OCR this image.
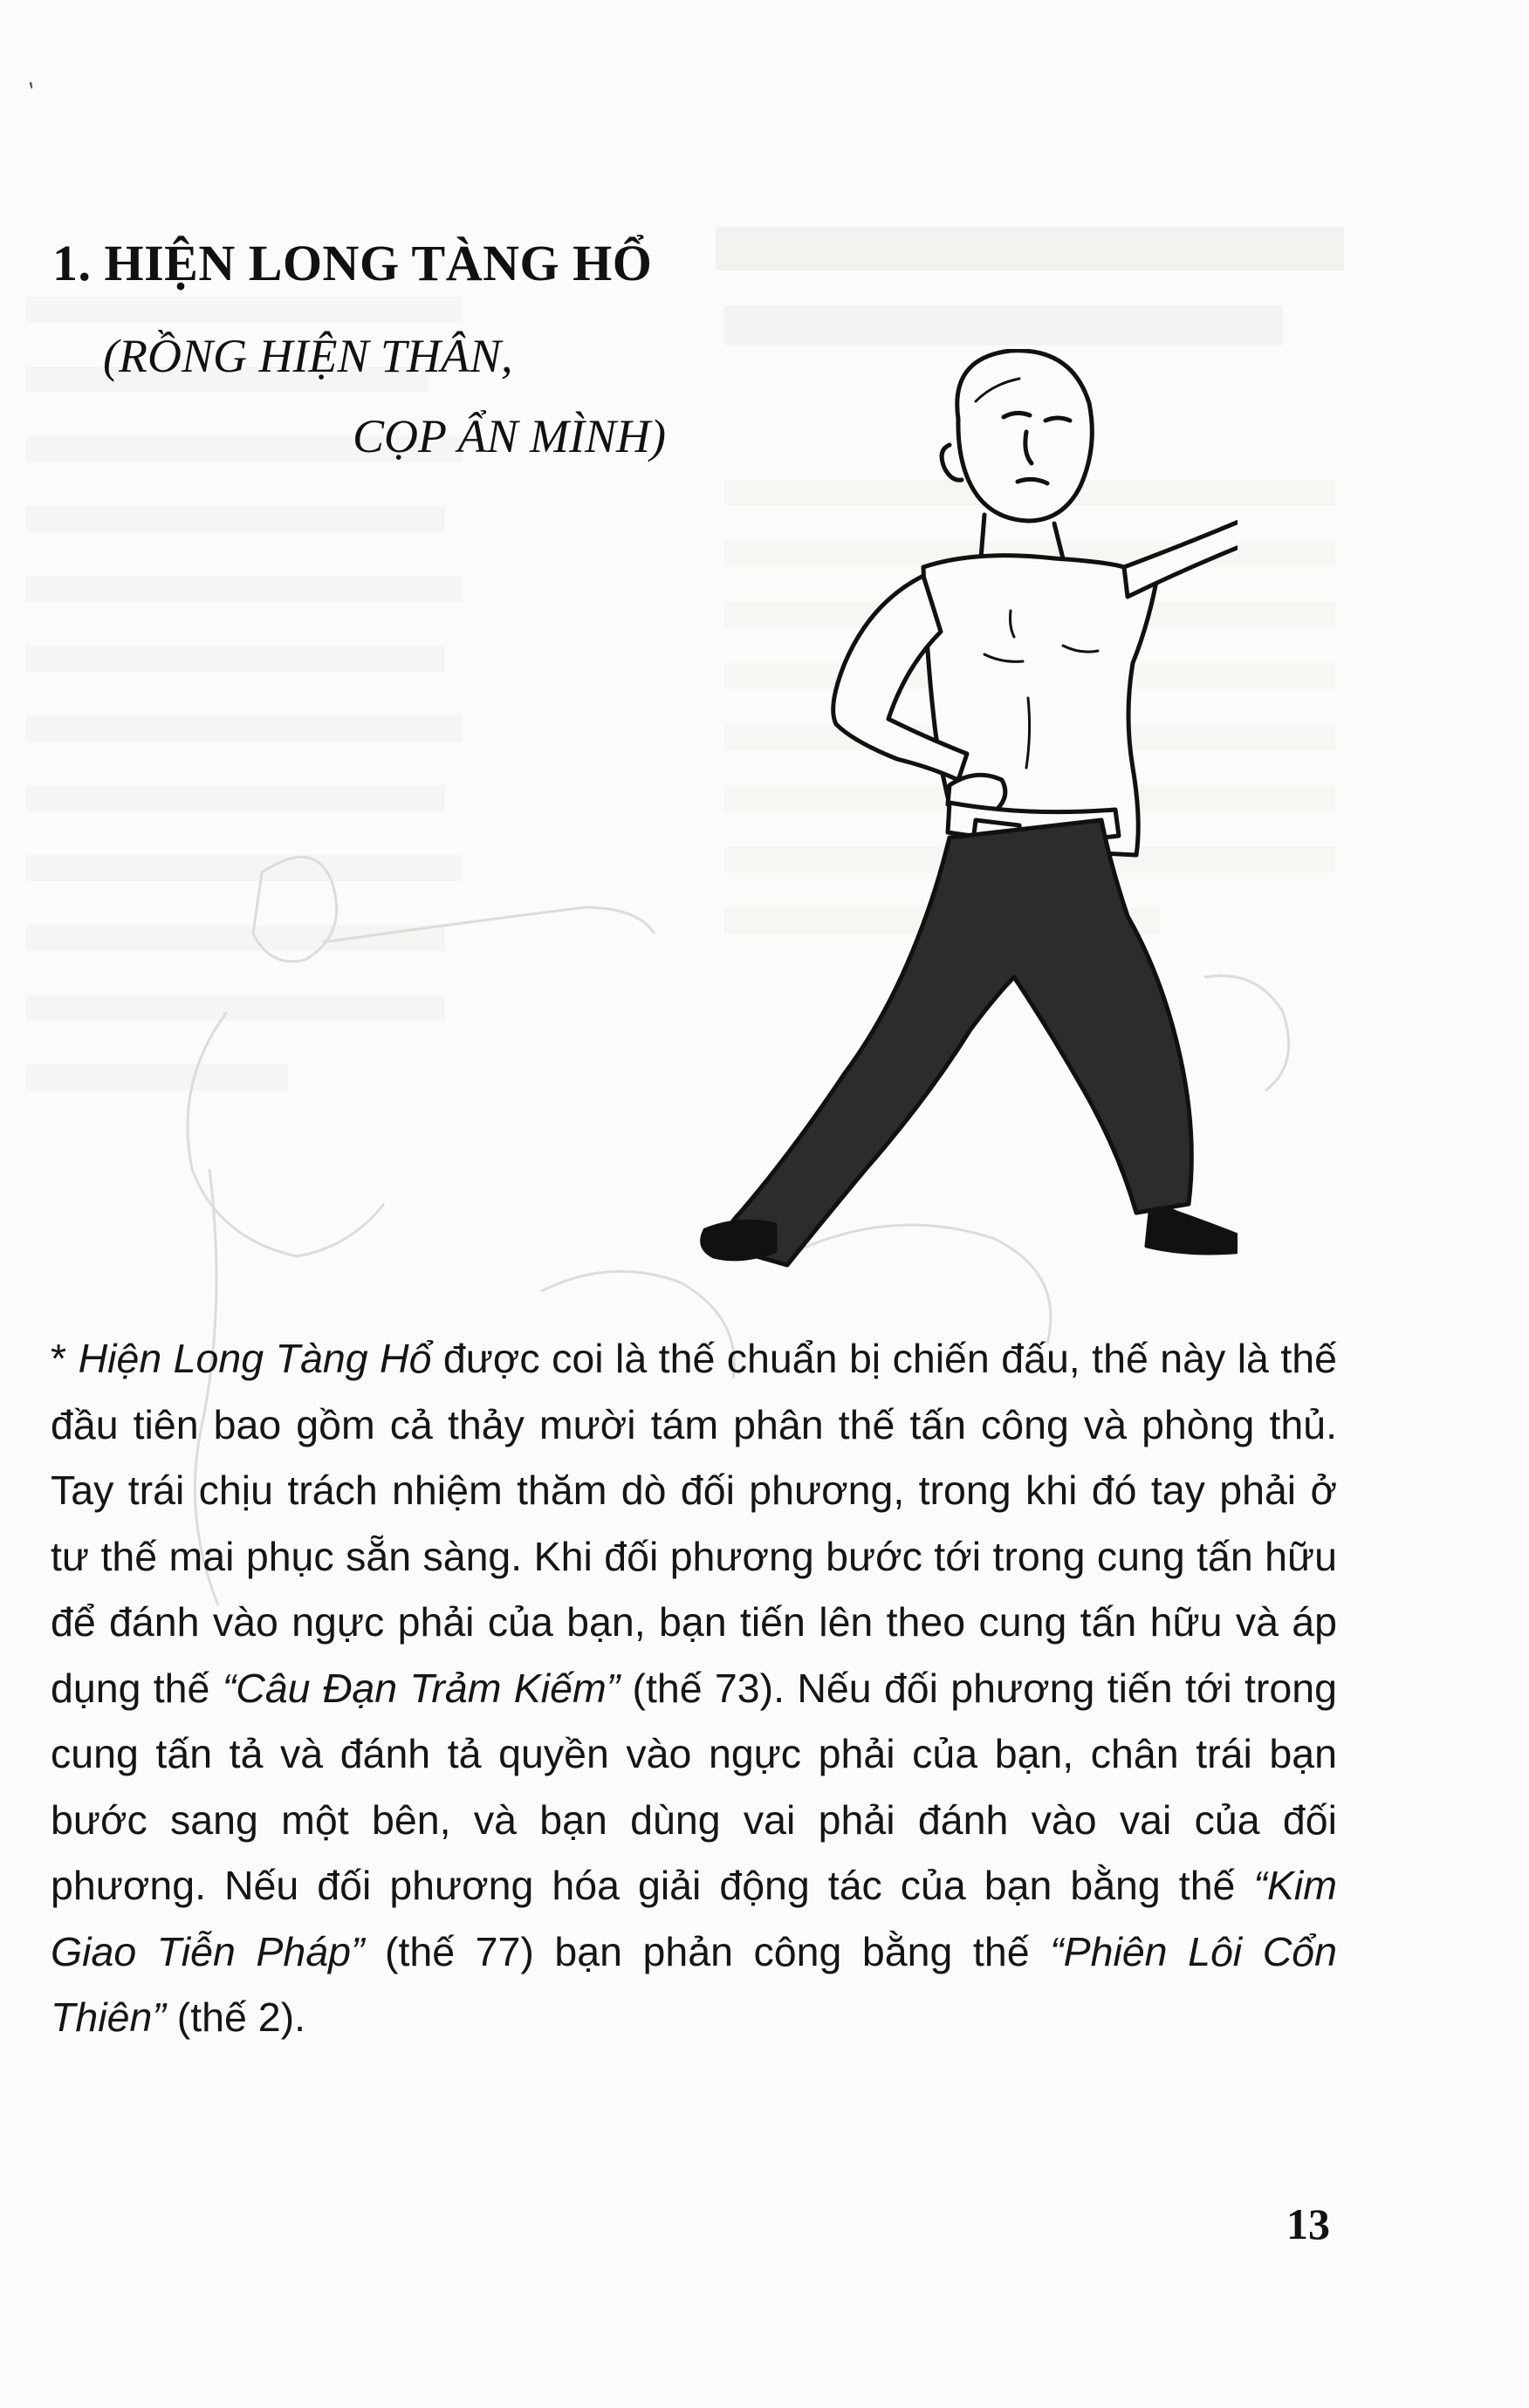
′
1. HIỆN LONG TÀNG HỔ
(RỒNG HIỆN THÂN,
CỌP ẨN MÌNH)

* Hiện Long Tàng Hổ được coi là thế chuẩn bị chiến đấu, thế này là thế đầu tiên bao gồm cả thảy mười tám phân thế tấn công và phòng thủ. Tay trái chịu trách nhiệm thăm dò đối phương, trong khi đó tay phải ở tư thế mai phục sẵn sàng. Khi đối phương bước tới trong cung tấn hữu để đánh vào ngực phải của bạn, bạn tiến lên theo cung tấn hữu và áp dụng thế “Câu Đạn Trảm Kiếm” (thế 73). Nếu đối phương tiến tới trong cung tấn tả và đánh tả quyền vào ngực phải của bạn, chân trái bạn bước sang một bên, và bạn dùng vai phải đánh vào vai của đối phương. Nếu đối phương hóa giải động tác của bạn bằng thế “Kim Giao Tiễn Pháp” (thế 77) bạn phản công bằng thế “Phiên Lôi Cổn Thiên” (thế 2).

13
